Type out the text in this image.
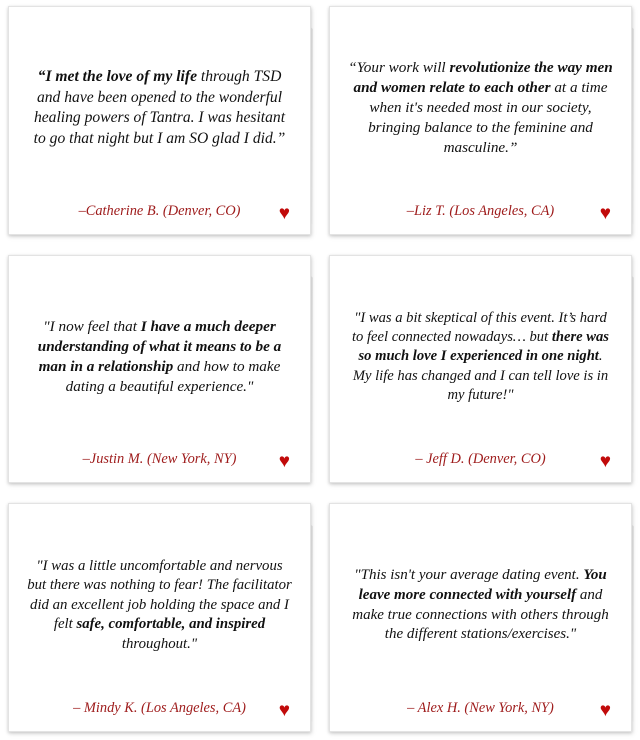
“I met the love of my life through TSD and have been opened to the wonderful healing powers of Tantra. I was hesitant to go that night but I am SO glad I did.”
–Catherine B. (Denver, CO) ♥
“Your work will revolutionize the way men and women relate to each other at a time when it's needed most in our society, bringing balance to the feminine and masculine.”
–Liz T. (Los Angeles, CA) ♥
"I now feel that I have a much deeper understanding of what it means to be a man in a relationship and how to make dating a beautiful experience."
–Justin M. (New York, NY) ♥
"I was a bit skeptical of this event. It’s hard to feel connected nowadays… but there was so much love I experienced in one night. My life has changed and I can tell love is in my future!"
– Jeff D. (Denver, CO)	♥
"I was a little uncomfortable and nervous but there was nothing to fear! The facilitator did an excellent job holding the space and I felt safe, comfortable, and inspired throughout."
– Mindy K. (Los Angeles, CA) ♥
"This isn't your average dating event. You leave more connected with yourself and make true connections with others through the different stations/exercises."
– Alex H. (New York, NY) ♥
